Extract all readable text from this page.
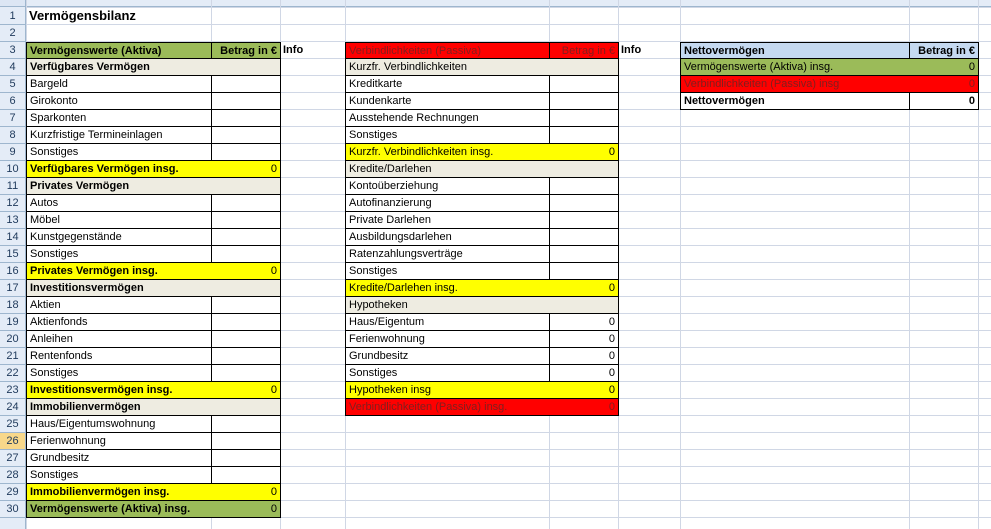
1
2
3
4
5
6
7
8
9
10
11
12
13
14
15
16
17
18
19
20
21
22
23
24
25
26
27
28
29
30
Vermögensbilanz
Vermögenswerte (Aktiva)	Betrag in € Info
Verfügbares Vermögen
Bargeld
Girokonto
Sparkonten
Kurzfristige Termineinlagen
Sonstiges
Verfügbares Vermögen insg.	0
Privates Vermögen
Autos
Möbel
Kunstgegenstände
Sonstiges
Privates Vermögen insg.	0
Investitionsvermögen
Aktien
Aktienfonds
Anleihen
Rentenfonds
Sonstiges
Investitionsvermögen insg.	0
Immobilienvermögen
Haus/Eigentumswohnung
Ferienwohnung
Grundbesitz
Sonstiges
Immobilienvermögen insg.	0
Vermögenswerte (Aktiva) insg.	0
Verbindlichkeiten (Passiva)	Betrag in € Info
Kurzfr. Verbindlichkeiten
Kreditkarte
Kundenkarte
Ausstehende Rechnungen
Sonstiges
Kurzfr. Verbindlichkeiten insg.	0
Kredite/Darlehen
Kontoüberziehung
Autofinanzierung
Private Darlehen
Ausbildungsdarlehen
Ratenzahlungsverträge
Sonstiges
Kredite/Darlehen insg.	0
Hypotheken
Haus/Eigentum	0
Ferienwohnung	0
Grundbesitz	0
Sonstiges	0
Hypotheken insg	0
Verbindlichkeiten (Passiva) insg.	0
Nettovermögen	Betrag in €
Vermögenswerte (Aktiva) insg.	0
Verbindlichkeiten (Passiva) insg	0
Nettovermögen	0
